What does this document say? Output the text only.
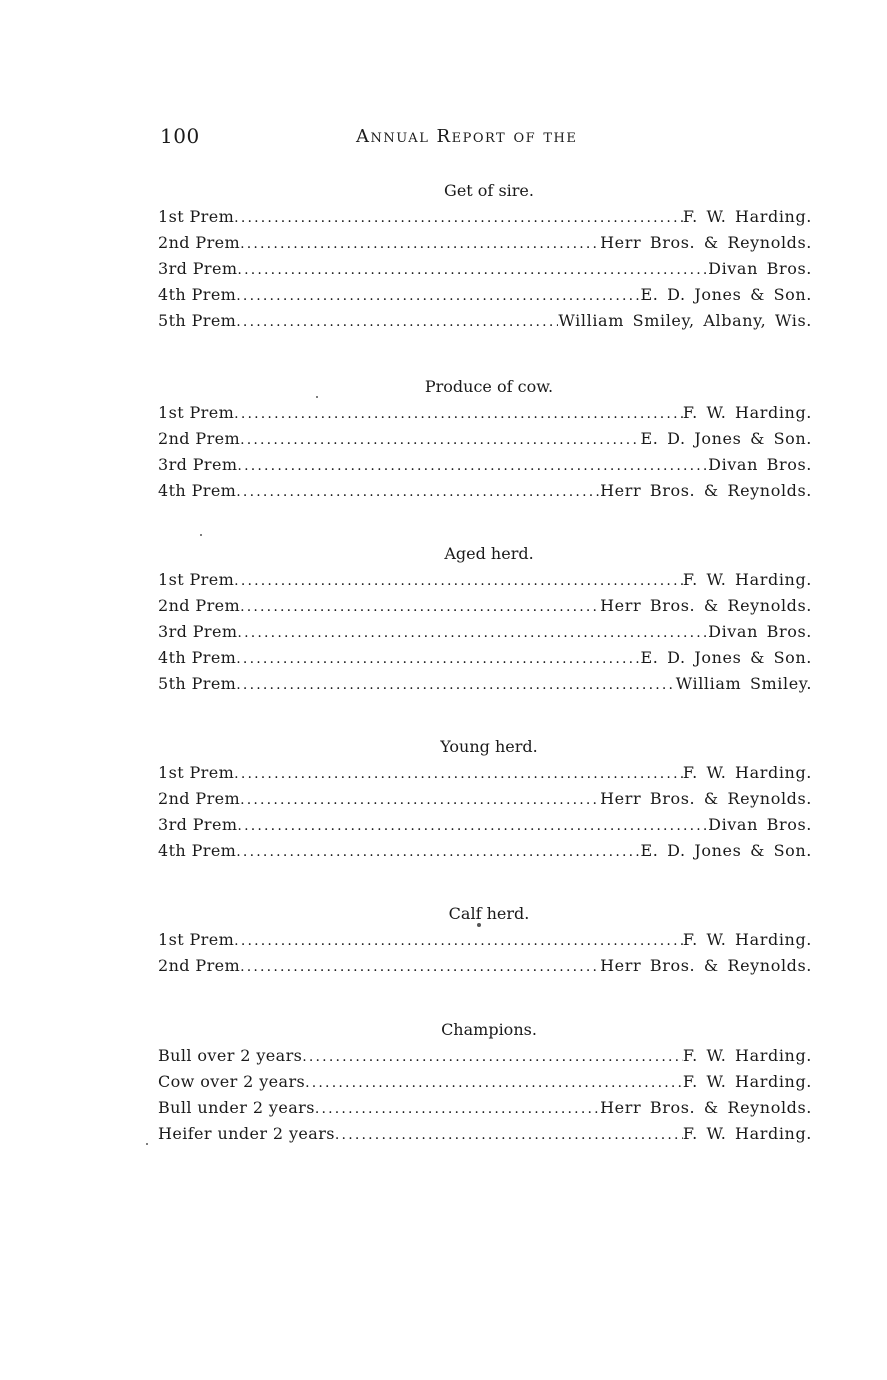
100	Annual Report of the
Get of sire.
1st Prem .....	F. W. Harding.
2nd Prem .....	Herr Bros. & Reynolds.
3rd Prem .....	Divan Bros.
4th Prem .....	E. D. Jones & Son.
5th Prem .....	William Smiley, Albany, Wis.
Produce of cow.
1st Prem .....	F. W. Harding.
2nd Prem .....	E. D. Jones & Son.
3rd Prem .....	Divan Bros.
4th Prem .....	Herr Bros. & Reynolds.
Aged herd.
1st Prem .....	F. W. Harding.
2nd Prem .....	Herr Bros. & Reynolds.
3rd Prem .....	Divan Bros.
4th Prem .....	E. D. Jones & Son.
5th Prem .....	William Smiley.
Young herd.
1st Prem .....	F. W. Harding.
2nd Prem .....	Herr Bros. & Reynolds.
3rd Prem .....	Divan Bros.
4th Prem .....	E. D. Jones & Son.
Calf herd.
1st Prem .....	F. W. Harding.
2nd Prem .....	Herr Bros. & Reynolds.
Champions.
Bull over 2 years .....	F. W. Harding.
Cow over 2 years .....	F. W. Harding.
Bull under 2 years .....	Herr Bros. & Reynolds.
Heifer under 2 years .....	F. W. Harding.
